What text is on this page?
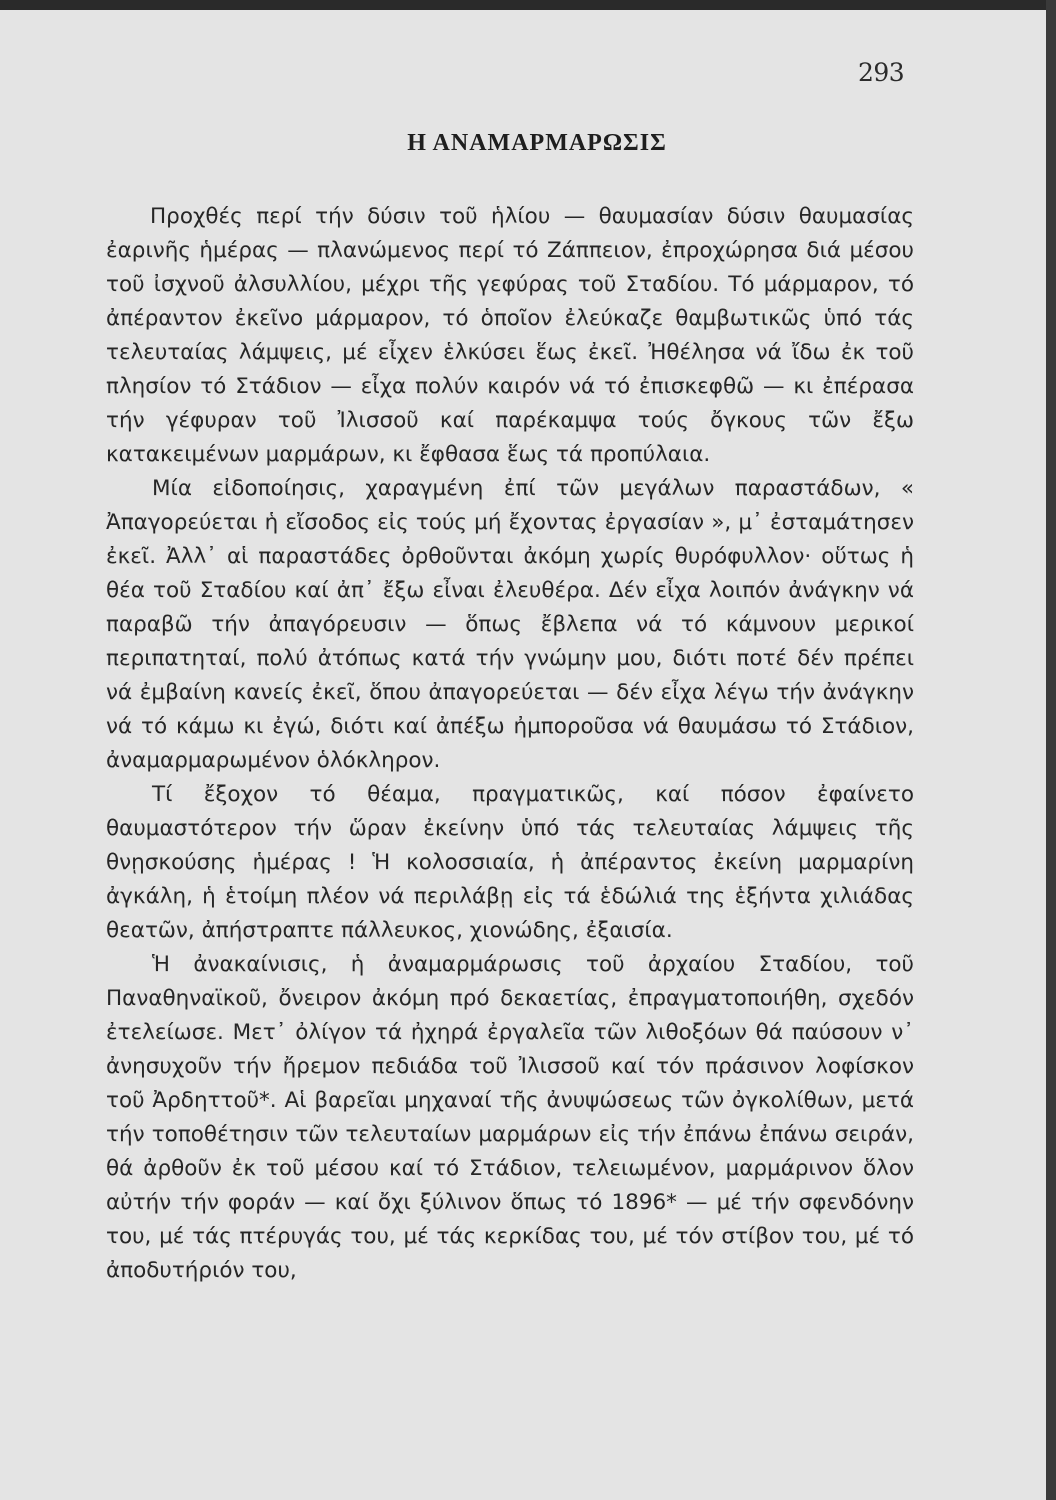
293
Η ΑΝΑΜΑΡΜΑΡΩΣΙΣ

Προχθές περί τήν δύσιν τοῦ ἡλίου — θαυμασίαν δύσιν θαυμασίας ἐαρινῆς ἡμέρας — πλανώμενος περί τό Ζάππειον, ἐπροχώρησα διά μέσου τοῦ ἰσχνοῦ ἀλσυλλίου, μέχρι τῆς γεφύρας τοῦ Σταδίου. Τό μάρμαρον, τό ἀπέραντον ἐκεῖνο μάρμαρον, τό ὁποῖον ἐλεύκαζε θαμβωτικῶς ὑπό τάς τελευταίας λάμψεις, μέ εἶχεν ἑλκύσει ἕως ἐκεῖ. Ἠθέλησα νά ἴδω ἐκ τοῦ πλησίον τό Στάδιον — εἶχα πολύν καιρόν νά τό ἐπισκεφθῶ — κι ἐπέρασα τήν γέφυραν τοῦ Ἰλισσοῦ καί παρέκαμψα τούς ὄγκους τῶν ἔξω κατακειμένων μαρμάρων, κι ἔφθασα ἕως τά προπύλαια.

Μία εἰδοποίησις, χαραγμένη ἐπί τῶν μεγάλων παραστάδων, « Ἀπαγορεύεται ἡ εἴσοδος εἰς τούς μή ἔχοντας ἐργασίαν », μ᾿ ἐσταμάτησεν ἐκεῖ. Ἀλλ᾿ αἱ παραστάδες ὀρθοῦνται ἀκόμη χωρίς θυρόφυλλον· οὕτως ἡ θέα τοῦ Σταδίου καί ἀπ᾿ ἔξω εἶναι ἐλευθέρα. Δέν εἶχα λοιπόν ἀνάγκην νά παραβῶ τήν ἀπαγόρευσιν — ὅπως ἔβλεπα νά τό κάμνουν μερικοί περιπατηταί, πολύ ἀτόπως κατά τήν γνώμην μου, διότι ποτέ δέν πρέπει νά ἐμβαίνη κανείς ἐκεῖ, ὅπου ἀπαγορεύεται — δέν εἶχα λέγω τήν ἀνάγκην νά τό κάμω κι ἐγώ, διότι καί ἀπέξω ἠμποροῦσα νά θαυμάσω τό Στάδιον, ἀναμαρμαρωμένον ὁλόκληρον.

Τί ἔξοχον τό θέαμα, πραγματικῶς, καί πόσον ἐφαίνετο θαυμαστότερον τήν ὥραν ἐκείνην ὑπό τάς τελευταίας λάμψεις τῆς θνῃσκούσης ἡμέρας ! Ἡ κολοσσιαία, ἡ ἀπέραντος ἐκείνη μαρμαρίνη ἀγκάλη, ἡ ἑτοίμη πλέον νά περιλάβῃ εἰς τά ἑδώλιά της ἑξήντα χιλιάδας θεατῶν, ἀπήστραπτε πάλλευκος, χιονώδης, ἐξαισία.

Ἡ ἀνακαίνισις, ἡ ἀναμαρμάρωσις τοῦ ἀρχαίου Σταδίου, τοῦ Παναθηναϊκοῦ, ὄνειρον ἀκόμη πρό δεκαετίας, ἐπραγματοποιήθη, σχεδόν ἐτελείωσε. Μετ᾿ ὀλίγον τά ἠχηρά ἐργαλεῖα τῶν λιθοξόων θά παύσουν ν᾿ ἀνησυχοῦν τήν ἤρεμον πεδιάδα τοῦ Ἰλισσοῦ καί τόν πράσινον λοφίσκον τοῦ Ἀρδηττοῦ*. Αἱ βαρεῖαι μηχαναί τῆς ἀνυψώσεως τῶν ὀγκολίθων, μετά τήν τοποθέτησιν τῶν τελευταίων μαρμάρων εἰς τήν ἐπάνω ἐπάνω σειράν, θά ἀρθοῦν ἐκ τοῦ μέσου καί τό Στάδιον, τελειωμένον, μαρμάρινον ὅλον αὐτήν τήν φοράν — καί ὄχι ξύλινον ὅπως τό 1896* — μέ τήν σφενδόνην του, μέ τάς πτέρυγάς του, μέ τάς κερκίδας του, μέ τόν στίβον του, μέ τό ἀποδυτήριόν του,
